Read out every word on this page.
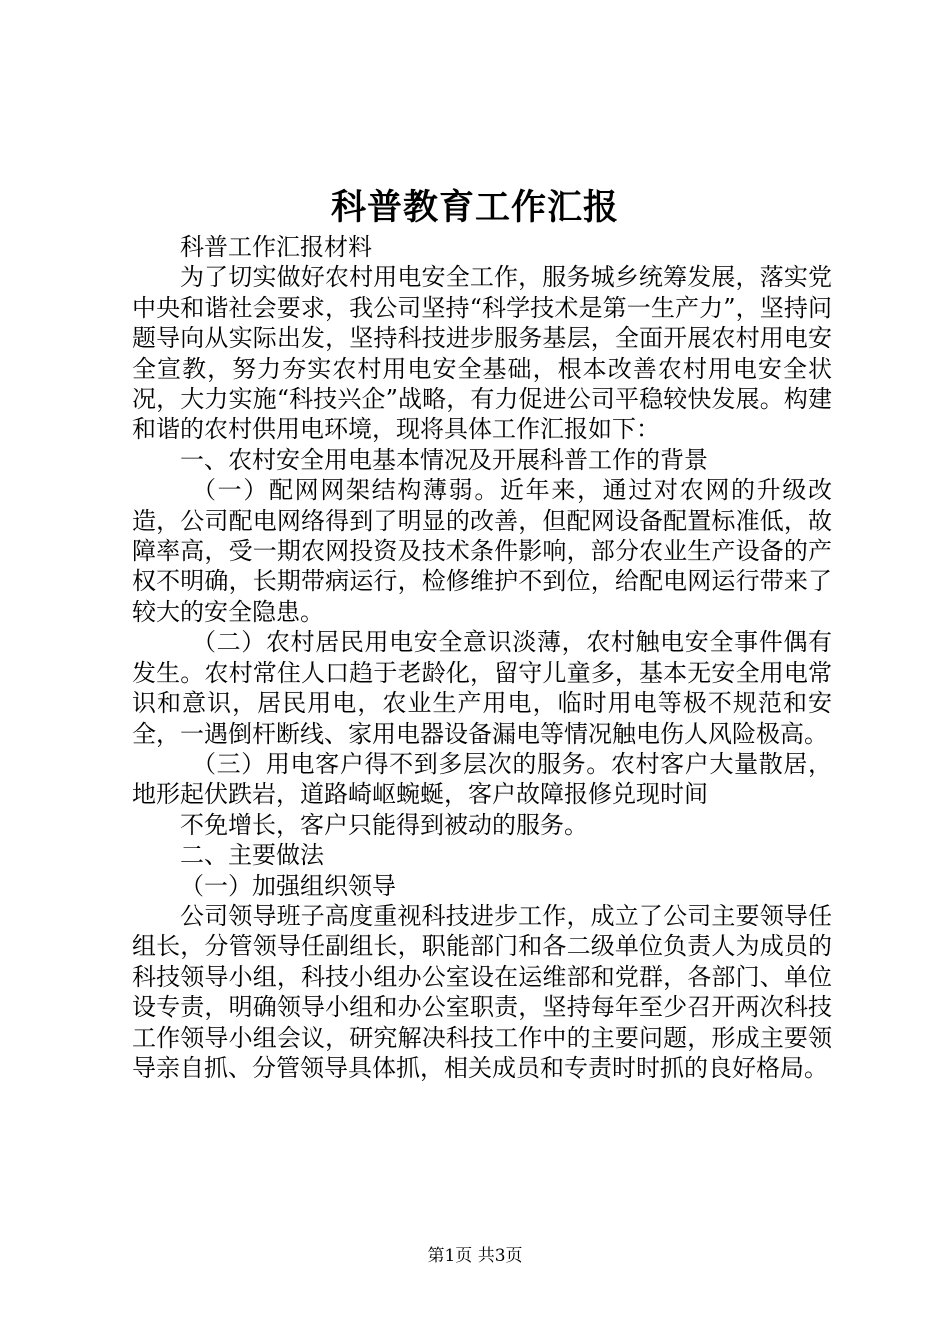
科普教育工作汇报

科普工作汇报材料

为了切实做好农村用电安全工作，服务城乡统筹发展，落实党中央和谐社会要求，我公司坚持“科学技术是第一生产力”，坚持问题导向从实际出发，坚持科技进步服务基层，全面开展农村用电安全宣教，努力夯实农村用电安全基础，根本改善农村用电安全状况，大力实施“科技兴企”战略，有力促进公司平稳较快发展。构建和谐的农村供用电环境，现将具体工作汇报如下：

一、农村安全用电基本情况及开展科普工作的背景

（一）配网网架结构薄弱。近年来，通过对农网的升级改造，公司配电网络得到了明显的改善，但配网设备配置标准低，故障率高，受一期农网投资及技术条件影响，部分农业生产设备的产权不明确，长期带病运行，检修维护不到位，给配电网运行带来了较大的安全隐患。

（二）农村居民用电安全意识淡薄，农村触电安全事件偶有发生。农村常住人口趋于老龄化，留守儿童多，基本无安全用电常识和意识，居民用电，农业生产用电，临时用电等极不规范和安全，一遇倒杆断线、家用电器设备漏电等情况触电伤人风险极高。

（三）用电客户得不到多层次的服务。农村客户大量散居，地形起伏跌岩，道路崎岖蜿蜒，客户故障报修兑现时间

不免增长，客户只能得到被动的服务。

二、主要做法

（一）加强组织领导

公司领导班子高度重视科技进步工作，成立了公司主要领导任组长，分管领导任副组长，职能部门和各二级单位负责人为成员的科技领导小组，科技小组办公室设在运维部和党群，各部门、单位设专责，明确领导小组和办公室职责，坚持每年至少召开两次科技工作领导小组会议，研究解决科技工作中的主要问题，形成主要领导亲自抓、分管领导具体抓，相关成员和专责时时抓的良好格局。

第1页 共3页
